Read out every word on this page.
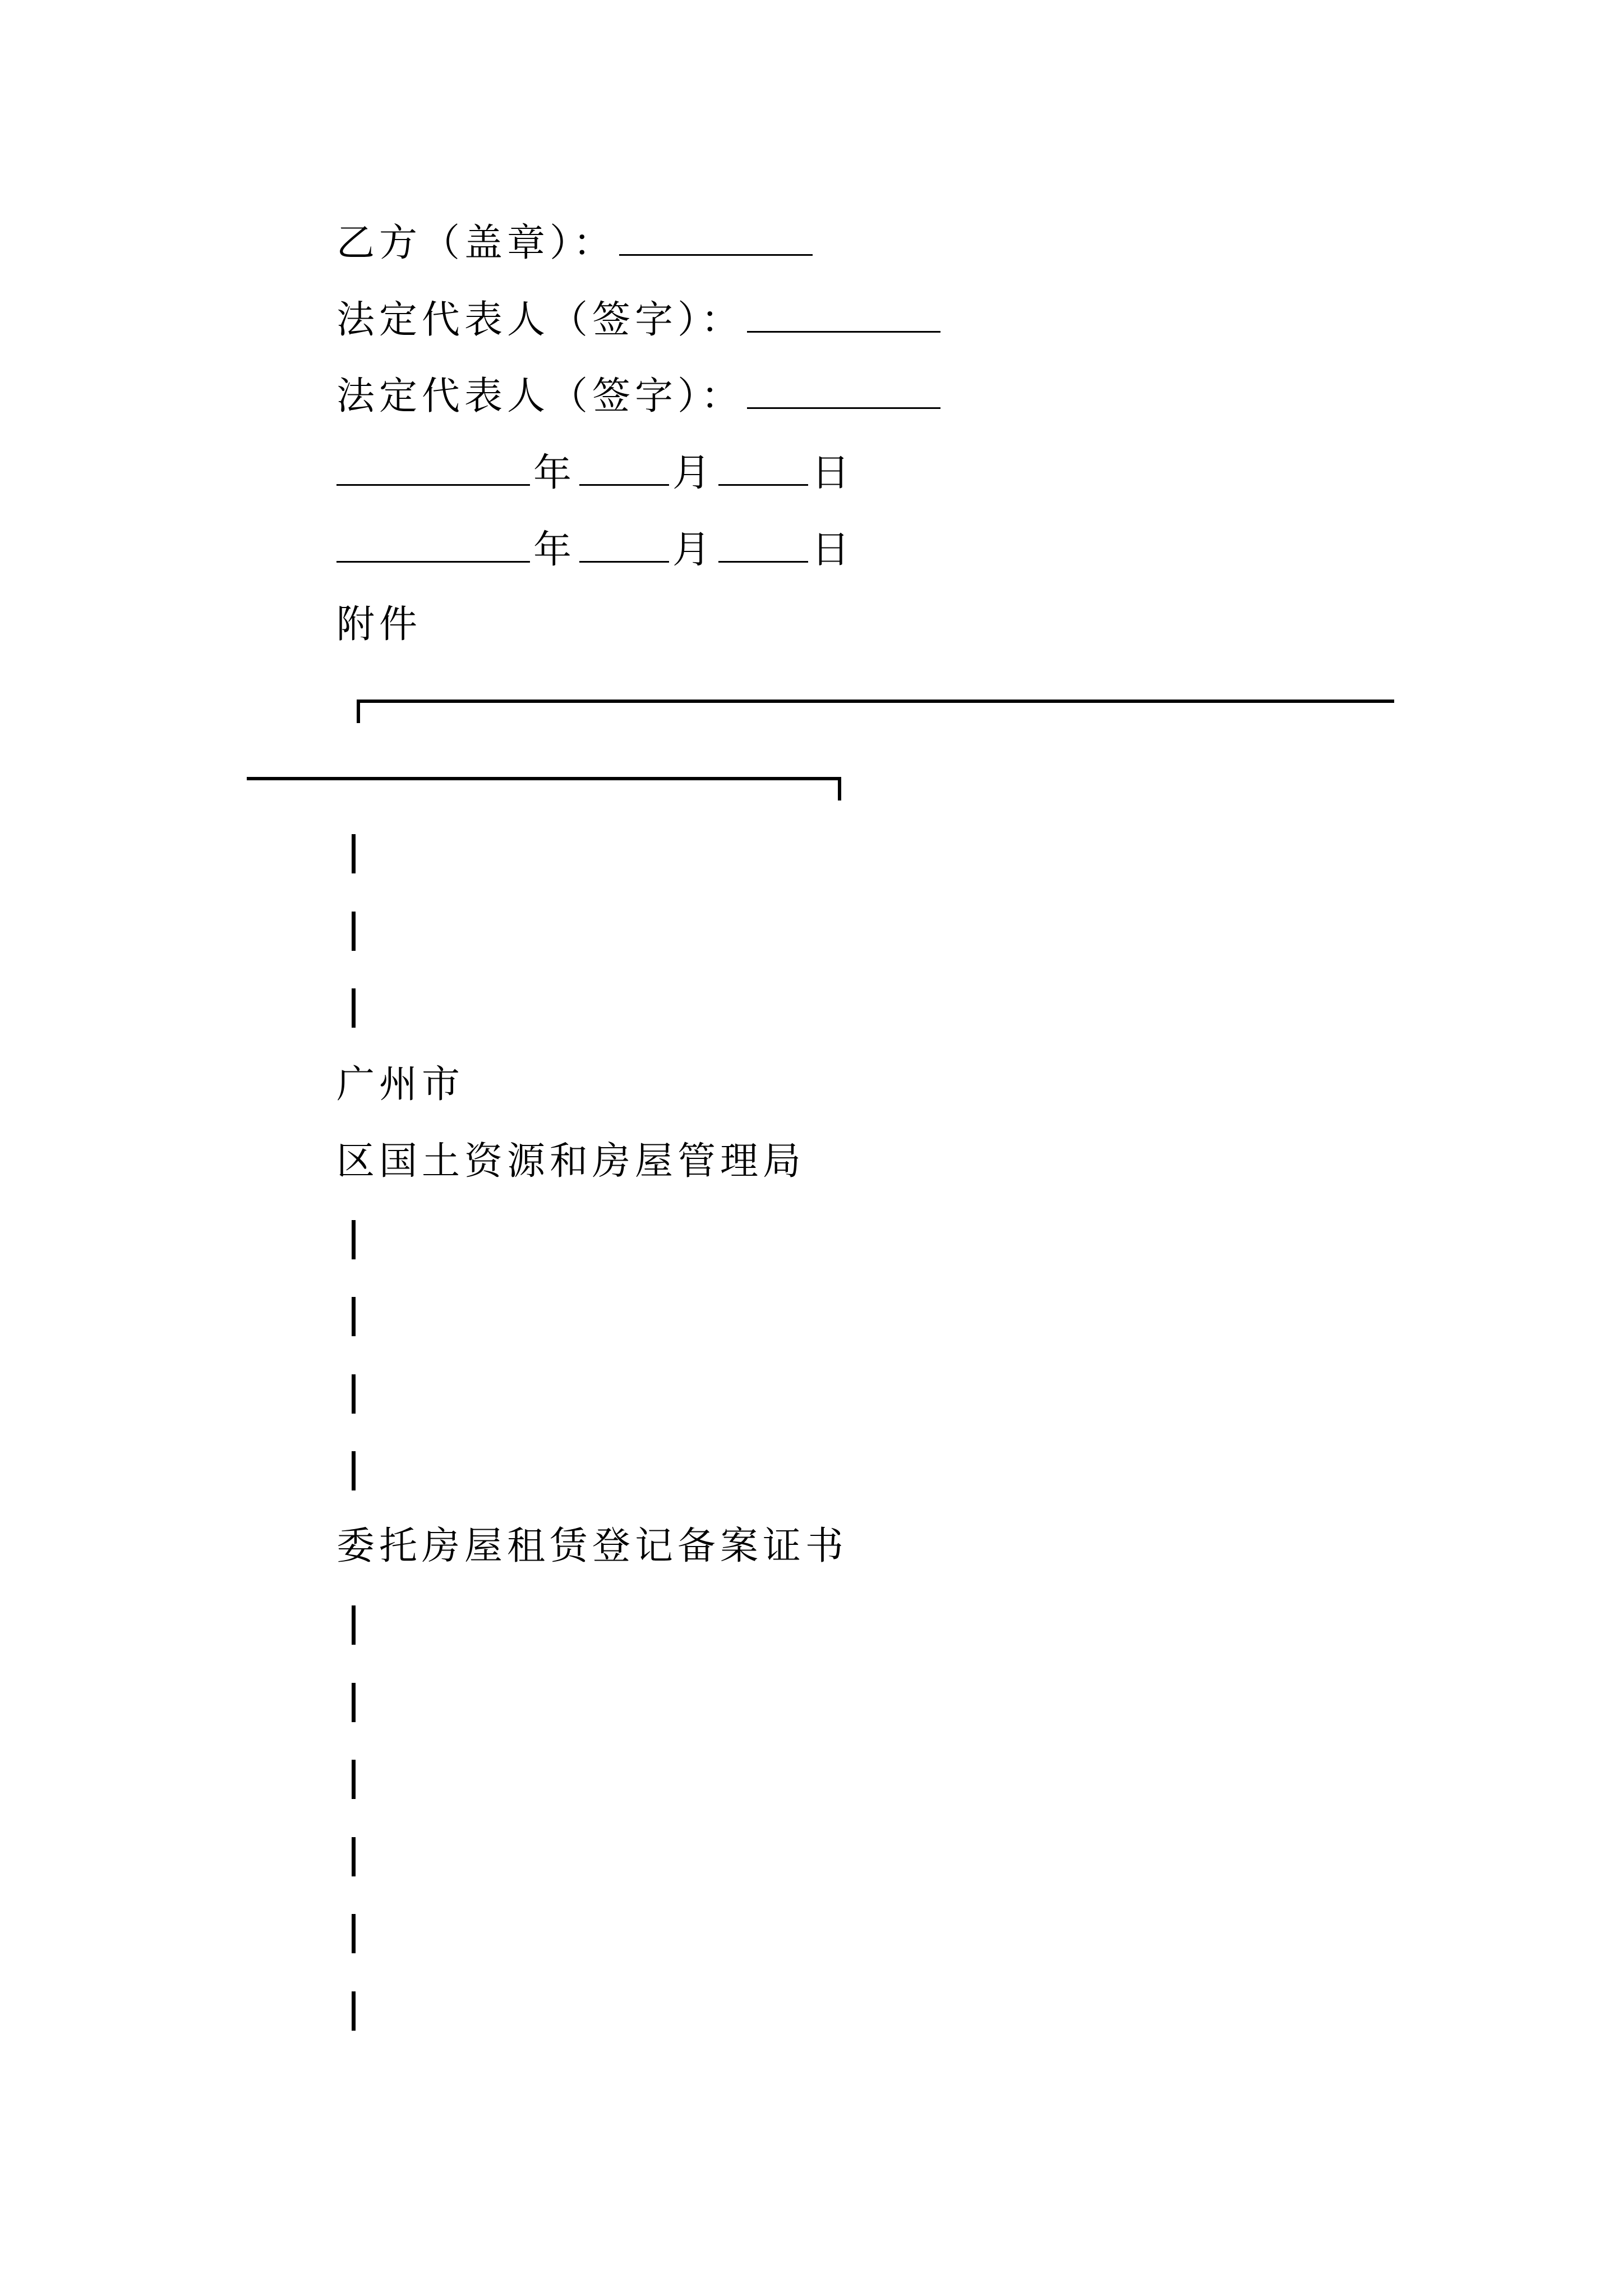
乙方（盖章）：
法定代表人（签字）：
法定代表人（签字）：
年	月	日
年	月	日
附件
广州市
区国土资源和房屋管理局
委托房屋租赁登记备案证书
